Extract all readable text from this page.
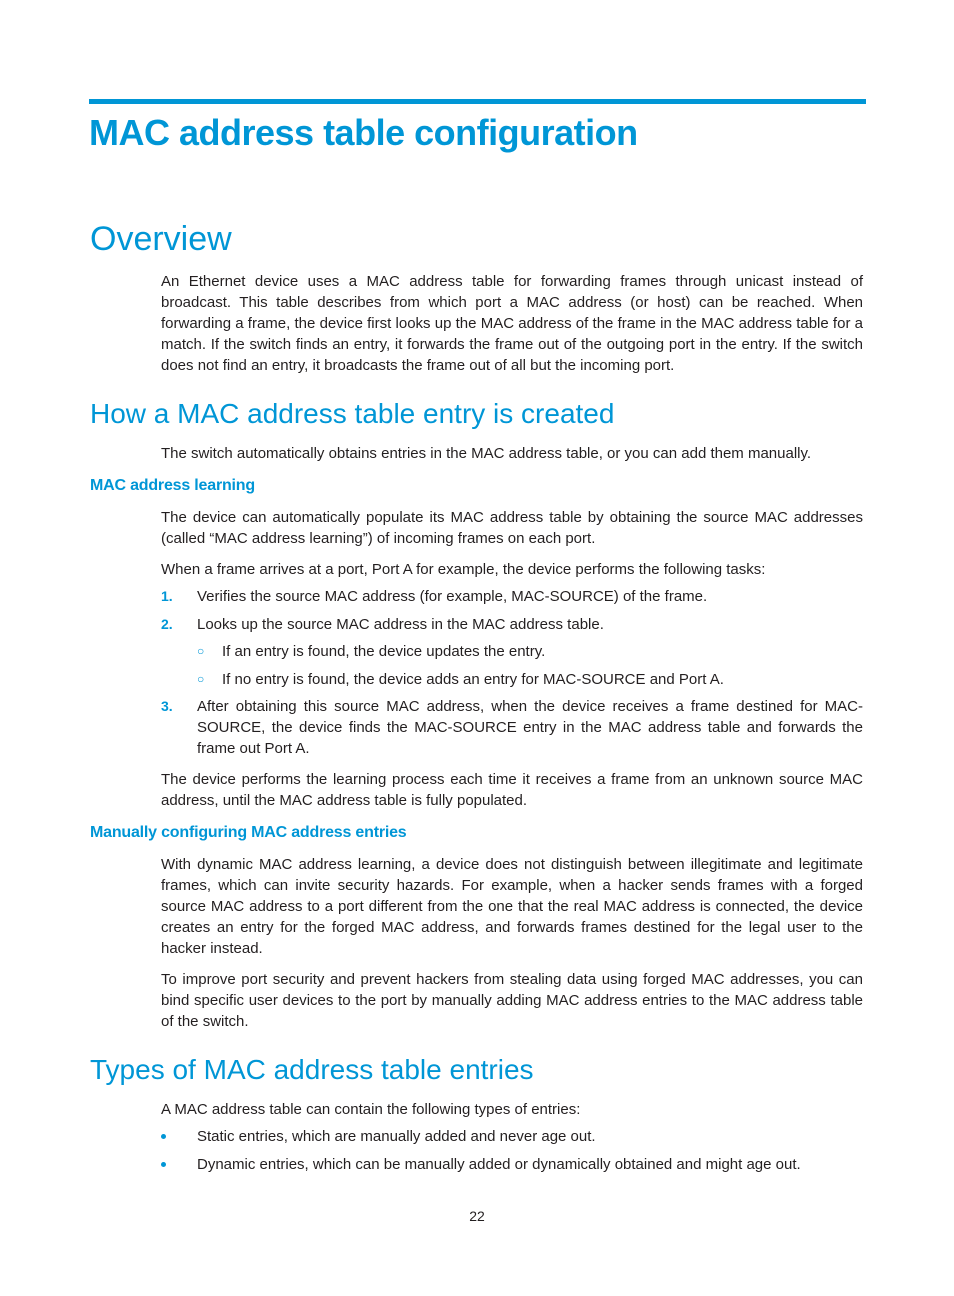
MAC address table configuration
Overview

An Ethernet device uses a MAC address table for forwarding frames through unicast instead of broadcast. This table describes from which port a MAC address (or host) can be reached. When forwarding a frame, the device first looks up the MAC address of the frame in the MAC address table for a match. If the switch finds an entry, it forwards the frame out of the outgoing port in the entry. If the switch does not find an entry, it broadcasts the frame out of all but the incoming port.

How a MAC address table entry is created

The switch automatically obtains entries in the MAC address table, or you can add them manually.

MAC address learning

The device can automatically populate its MAC address table by obtaining the source MAC addresses (called “MAC address learning”) of incoming frames on each port.

When a frame arrives at a port, Port A for example, the device performs the following tasks:

1. Verifies the source MAC address (for example, MAC-SOURCE) of the frame.
2. Looks up the source MAC address in the MAC address table.
○ If an entry is found, the device updates the entry.
○ If no entry is found, the device adds an entry for MAC-SOURCE and Port A.
3. After obtaining this source MAC address, when the device receives a frame destined for MAC-SOURCE, the device finds the MAC-SOURCE entry in the MAC address table and forwards the frame out Port A.

The device performs the learning process each time it receives a frame from an unknown source MAC address, until the MAC address table is fully populated.

Manually configuring MAC address entries

With dynamic MAC address learning, a device does not distinguish between illegitimate and legitimate frames, which can invite security hazards. For example, when a hacker sends frames with a forged source MAC address to a port different from the one that the real MAC address is connected, the device creates an entry for the forged MAC address, and forwards frames destined for the legal user to the hacker instead.

To improve port security and prevent hackers from stealing data using forged MAC addresses, you can bind specific user devices to the port by manually adding MAC address entries to the MAC address table of the switch.

Types of MAC address table entries

A MAC address table can contain the following types of entries:

Static entries, which are manually added and never age out.
Dynamic entries, which can be manually added or dynamically obtained and might age out.

22
